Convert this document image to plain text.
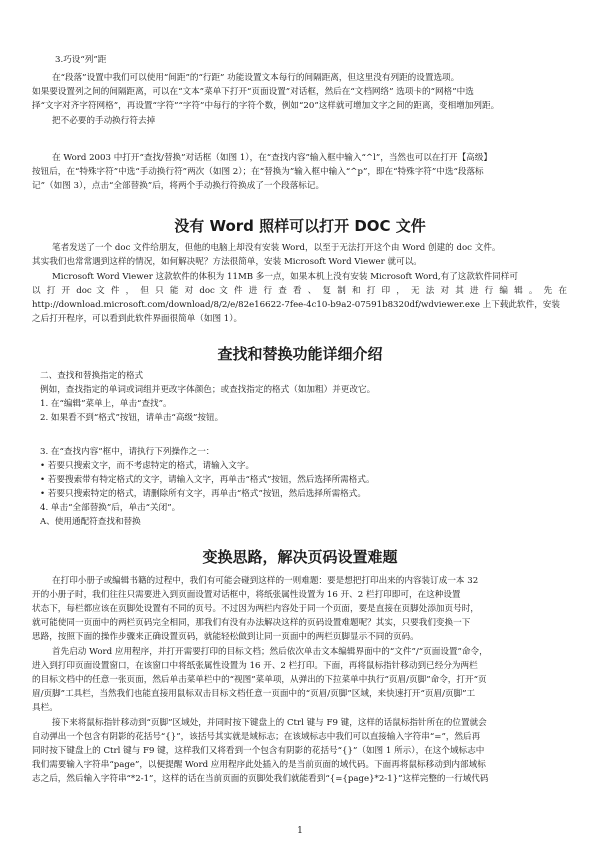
3.巧设“列”距
在“段落”设置中我们可以使用“间距”的“行距” 功能设置文本每行的间隔距离，但这里没有列距的设置选项。
如果要设置列之间的间隔距离，可以在“文本”菜单下打开“页面设置”对话框，然后在“文档网络” 选项卡的“网格”中选
择“文字对齐字符网格”，再设置“字符”“字符”中每行的字符个数，例如“20”这样就可增加文字之间的距离，变相增加列距。
把不必要的手动换行符去掉
在 Word 2003 中打开“查找/替换”对话框（如图 1），在“查找内容”输入框中输入“^l”，当然也可以在打开【高级】
按钮后，在“特殊字符”中选“手动换行符”两次（如图 2）；在“替换为”输入框中输入“^p”，即在“特殊字符”中选“段落标
记”（如图 3），点击“全部替换”后，将两个手动换行符换成了一个段落标记。
没有 Word 照样可以打开 DOC 文件
笔者发送了一个 doc 文件给朋友，但他的电脑上却没有安装 Word，以至于无法打开这个由 Word 创建的 doc 文件。
其实我们也常常遇到这样的情况，如何解决呢？方法很简单，安装 Microsoft Word Viewer 就可以。
Microsoft Word Viewer 这款软件的体积为 11MB 多一点，如果本机上没有安装 Microsoft Word,有了这款软件同样可
以 打 开 doc 文 件 ， 但 只 能 对 doc 文 件 进 行 查 看 、 复 制 和 打 印 ， 无 法 对 其 进 行 编 辑 。 先 在
http://download.microsoft.com/download/8/2/e/82e16622-7fee-4c10-b9a2-07591b8320df/wdviewer.exe 上下载此软件，安装
之后打开程序，可以看到此软件界面很简单（如图 1）。
查找和替换功能详细介绍
二、查找和替换指定的格式
例如，查找指定的单词或词组并更改字体颜色；或查找指定的格式（如加粗）并更改它。
1. 在“编辑”菜单上，单击“查找”。
2. 如果看不到“格式”按钮，请单击“高级”按钮。
3. 在“查找内容”框中，请执行下列操作之一：
• 若要只搜索文字，而不考虑特定的格式，请输入文字。
• 若要搜索带有特定格式的文字，请输入文字，再单击“格式”按钮，然后选择所需格式。
• 若要只搜索特定的格式，请删除所有文字，再单击“格式”按钮，然后选择所需格式。
4. 单击“全部替换”后，单击“关闭”。
A、使用通配符查找和替换
变换思路，解决页码设置难题
在打印小册子或编辑书籍的过程中，我们有可能会碰到这样的一则难题：要是想把打印出来的内容装订成一本 32
开的小册子时，我们往往只需要进入到页面设置对话框中，将纸张属性设置为 16 开、2 栏打印即可，在这种设置
状态下，每栏都应该在页脚处设置有不同的页号。不过因为两栏内容处于同一个页面，要是直接在页脚处添加页号时，
就可能使同一页面中的两栏页码完全相同，那我们有没有办法解决这样的页码设置难题呢？其实，只要我们变换一下
思路，按照下面的操作步骤来正确设置页码，就能轻松做到让同一页面中的两栏页脚显示不同的页码。
首先启动 Word 应用程序，并打开需要打印的目标文档；然后依次单击文本编辑界面中的“文件”/“页面设置”命令，
进入到打印页面设置窗口，在该窗口中将纸张属性设置为 16 开、2 栏打印。下面，再将鼠标指针移动到已经分为两栏
的目标文档中的任意一张页面，然后单击菜单栏中的“视图”菜单项，从弹出的下拉菜单中执行“页眉/页脚”命令，打开“页
眉/页脚”工具栏，当然我们也能直接用鼠标双击目标文档任意一页面中的“页眉/页脚”区域，来快速打开“页眉/页脚”工
具栏。
接下来将鼠标指针移动到“页脚”区域处，并同时按下键盘上的 Ctrl 键与 F9 键，这样的话鼠标指针所在的位置就会
自动弹出一个包含有阴影的花括号“{}”，该括号其实就是域标志；在该域标志中我们可以直接输入字符串“=”，然后再
同时按下键盘上的 Ctrl 键与 F9 键，这样我们又将看到一个包含有阴影的花括号“{}”（如图 1 所示），在这个域标志中
我们需要输入字符串“page”，以便提醒 Word 应用程序此处插入的是当前页面的域代码。下面再将鼠标移动到内部域标
志之后，然后输入字符串“*2-1”，这样的话在当前页面的页脚处我们就能看到“{={page}*2-1}”这样完整的一行域代码
1
